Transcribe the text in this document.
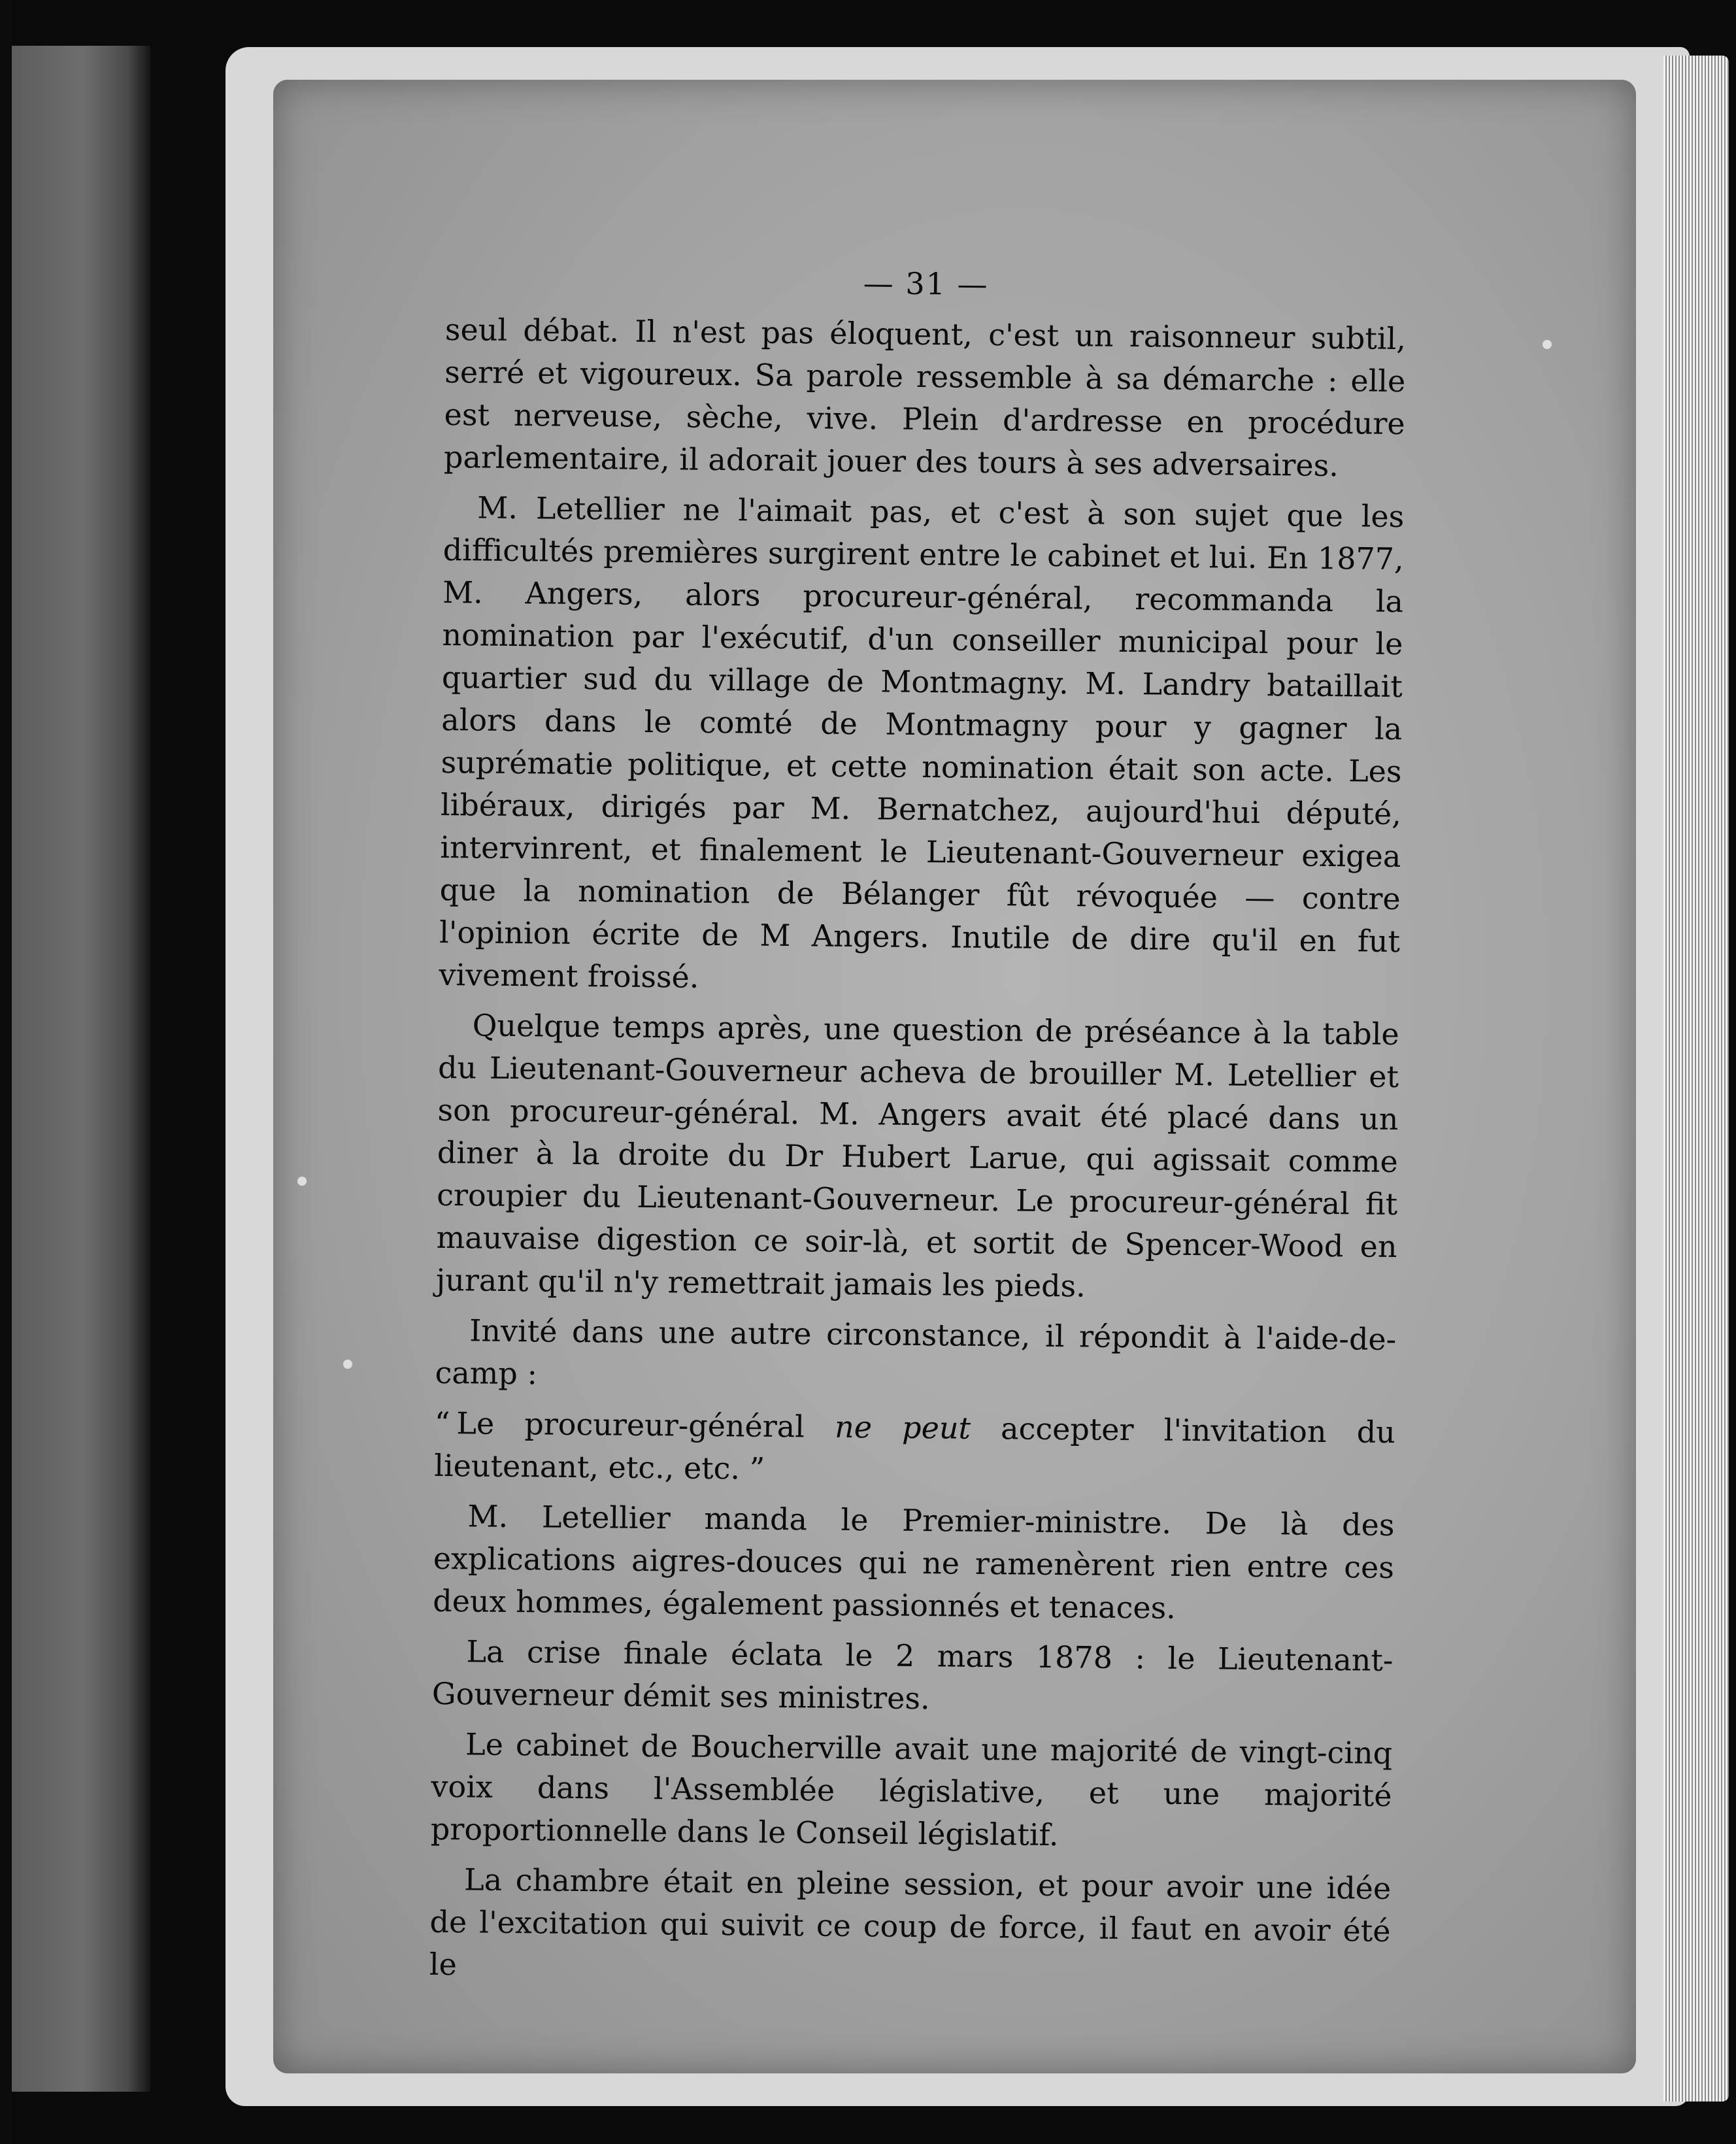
— 31 —

seul débat. Il n'est pas éloquent, c'est un raisonneur subtil, serré et vigoureux. Sa parole ressemble à sa démarche : elle est nerveuse, sèche, vive. Plein d'ardresse en procédure parlementaire, il adorait jouer des tours à ses adversaires.

M. Letellier ne l'aimait pas, et c'est à son sujet que les difficultés premières surgirent entre le cabinet et lui. En 1877, M. Angers, alors procureur-général, recommanda la nomination par l'exécutif, d'un conseiller municipal pour le quartier sud du village de Montmagny. M. Landry bataillait alors dans le comté de Montmagny pour y gagner la suprématie politique, et cette nomination était son acte. Les libéraux, dirigés par M. Bernatchez, aujourd'hui député, intervinrent, et finalement le Lieutenant-Gouverneur exigea que la nomination de Bélanger fût révoquée — contre l'opinion écrite de M Angers. Inutile de dire qu'il en fut vivement froissé.

Quelque temps après, une question de préséance à la table du Lieutenant-Gouverneur acheva de brouiller M. Letellier et son procureur-général. M. Angers avait été placé dans un diner à la droite du Dr Hubert Larue, qui agissait comme croupier du Lieutenant-Gouverneur. Le procureur-général fit mauvaise digestion ce soir-là, et sortit de Spencer-Wood en jurant qu'il n'y remettrait jamais les pieds.

Invité dans une autre circonstance, il répondit à l'aide-de-camp :

“ Le procureur-général ne peut accepter l'invitation du lieutenant, etc., etc. ”

M. Letellier manda le Premier-ministre. De là des explications aigres-douces qui ne ramenèrent rien entre ces deux hommes, également passionnés et tenaces.

La crise finale éclata le 2 mars 1878 : le Lieutenant-Gouverneur démit ses ministres.

Le cabinet de Boucherville avait une majorité de vingt-cinq voix dans l'Assemblée législative, et une majorité proportionnelle dans le Conseil législatif.

La chambre était en pleine session, et pour avoir une idée de l'excitation qui suivit ce coup de force, il faut en avoir été le
